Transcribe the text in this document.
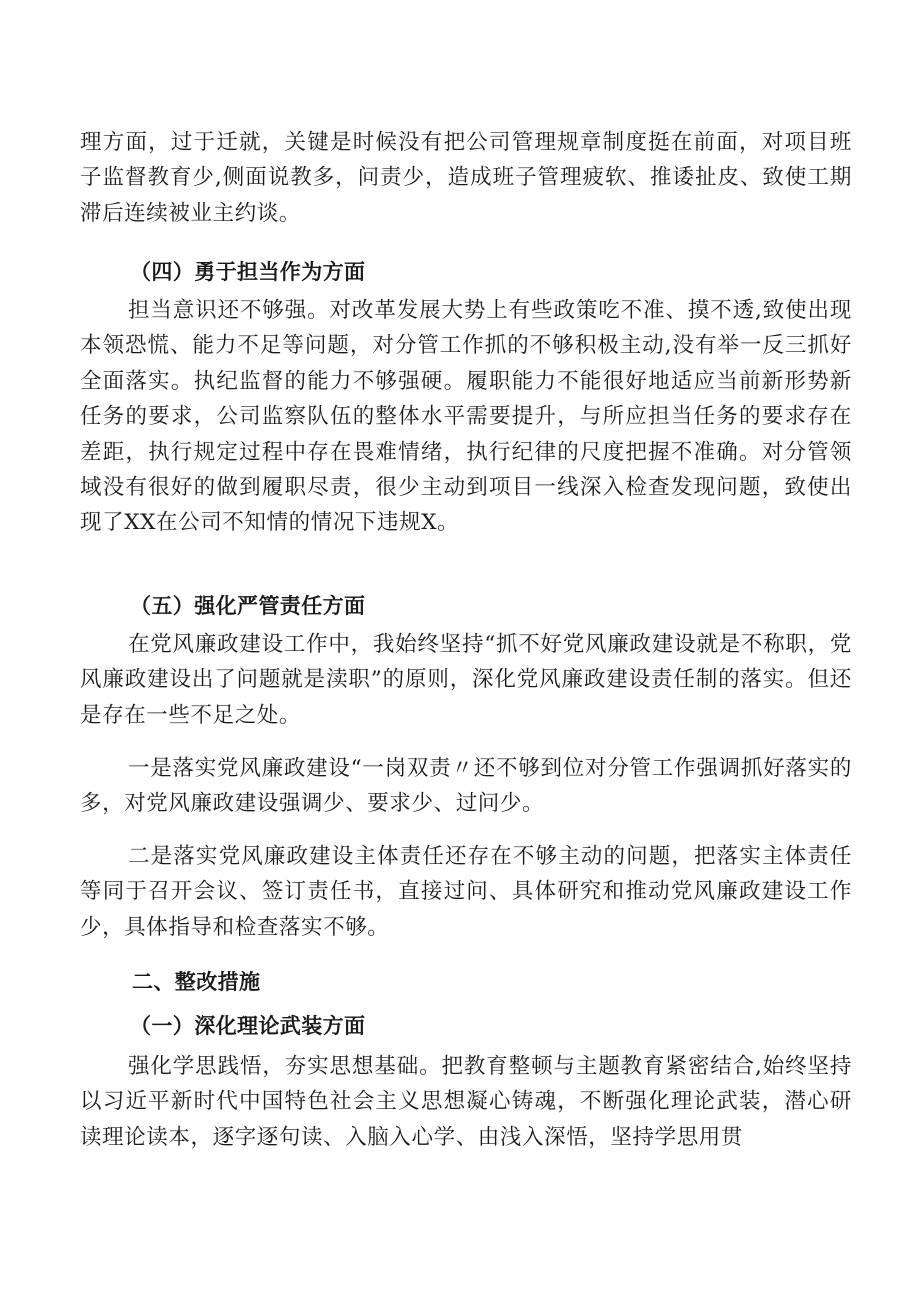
理方面，过于迁就，关键是时候没有把公司管理规章制度挺在前面，对项目班子监督教育少,侧面说教多，问责少，造成班子管理疲软、推诿扯皮、致使工期滞后连续被业主约谈。

（四）勇于担当作为方面

担当意识还不够强。对改革发展大势上有些政策吃不准、摸不透,致使出现本领恐慌、能力不足等问题，对分管工作抓的不够积极主动,没有举一反三抓好全面落实。执纪监督的能力不够强硬。履职能力不能很好地适应当前新形势新任务的要求，公司监察队伍的整体水平需要提升，与所应担当任务的要求存在差距，执行规定过程中存在畏难情绪，执行纪律的尺度把握不准确。对分管领域没有很好的做到履职尽责，很少主动到项目一线深入检查发现问题，致使出现了XX在公司不知情的情况下违规X。

（五）强化严管责任方面

在党风廉政建设工作中，我始终坚持“抓不好党风廉政建设就是不称职，党风廉政建设出了问题就是渎职”的原则，深化党风廉政建设责任制的落实。但还是存在一些不足之处。

一是落实党风廉政建设“一岗双责〃还不够到位对分管工作强调抓好落实的多，对党风廉政建设强调少、要求少、过问少。

二是落实党风廉政建设主体责任还存在不够主动的问题，把落实主体责任等同于召开会议、签订责任书，直接过问、具体研究和推动党风廉政建设工作少，具体指导和检查落实不够。

二、整改措施
（一）深化理论武装方面

强化学思践悟，夯实思想基础。把教育整顿与主题教育紧密结合,始终坚持以习近平新时代中国特色社会主义思想凝心铸魂，不断强化理论武装，潜心研读理论读本，逐字逐句读、入脑入心学、由浅入深悟，坚持学思用贯
